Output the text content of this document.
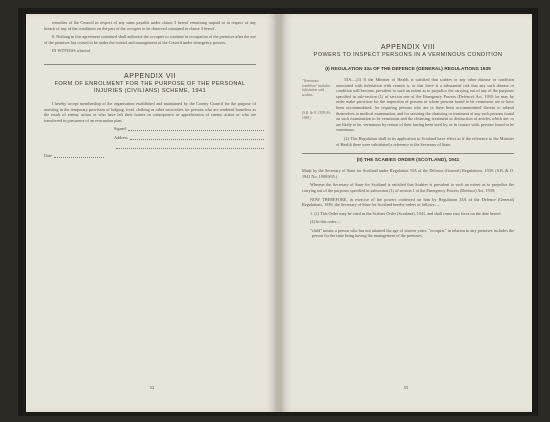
remedies of the Council in respect of any sums payable under clause 3 hereof remaining unpaid or in respect of any breach of any of the conditions on the part of the occupier to be observed contained in clause 3 hereof.

6. Nothing in this agreement contained shall authorise the occupier to continue in occupation of the premises after the use of the premises has ceased to be under the control and management of the Council under emergency powers.

IN WITNESS whereof

APPENDIX VII
FORM OF ENROLMENT FOR THE PURPOSE OF THE PERSONAL INJURIES (CIVILIANS) SCHEME, 1941

I hereby accept membership of the organisation established and maintained by the County Council for the purpose of assisting in the temporary provision of lodging, food, clothing or other necessities for persons who are rendered homeless as the result of enemy action or who have left their homes in consequence or apprehension of enemy action or who are transferred in pursuance of an evacuation plan.

Signed
Address
Date
52
APPENDIX VIII
POWERS TO INSPECT PERSONS IN A VERMINOUS CONDITION
(I) REGULATION 33a OF THE DEFENCE (GENERAL) REGULATIONS 1939
"Verminous condition" includes infestation with scabies.
(S.R. & O. 1939 No. 1945.)

33A.—(1) If the Minister of Health is satisfied that scabies or any other disease or condition associated with infestation with vermin is, or that there is a substantial risk that any such disease or condition will become, prevalent to such an extent as to prejudice the carrying out of any of the purposes specified in sub-section (1) of section one of the Emergency Powers (Defence) Act, 1939, he may by order make provision for the inspection of persons in whom persons found to be verminous are or have been accommodated, for requiring persons who are or have been accommodated therein to submit themselves to medical examination, and for securing the cleansing or treatment of any such persons found on such examination to be verminous and the cleansing, treatment or destruction of articles which are, or are likely to be, verminous by reason of their having been used by, or in contact with, persons found to be verminous.

(2) This Regulation shall in its application to Scotland have effect as if the reference to the Minister of Health there were substituted a reference to the Secretary of State.

(II) THE SCABIES ORDER (SCOTLAND), 1941

Made by the Secretary of State for Scotland under Regulation 33A of the Defence (General) Regulations, 1939. (S.R. & O. 1941 No. 1909/S95.)

Whereas the Secretary of State for Scotland is satisfied that Scabies is prevalent to such an extent as to prejudice the carrying out of the purposes specified in subsection (1) of section 1 of the Emergency Powers (Defence) Act, 1939;

NOW THEREFORE, in exercise of the powers conferred on him by Regulation 33A of the Defence (General) Regulations, 1939, the Secretary of State for Scotland hereby orders as follows:—

1. (1) This Order may be cited as the Scabies Order (Scotland), 1941, and shall come into force on the date hereof.

(2) In this order—

"child" means a person who has not attained the age of sixteen years; "occupier" in relation to any premises includes the person for the time being having the management of the premises.

55
